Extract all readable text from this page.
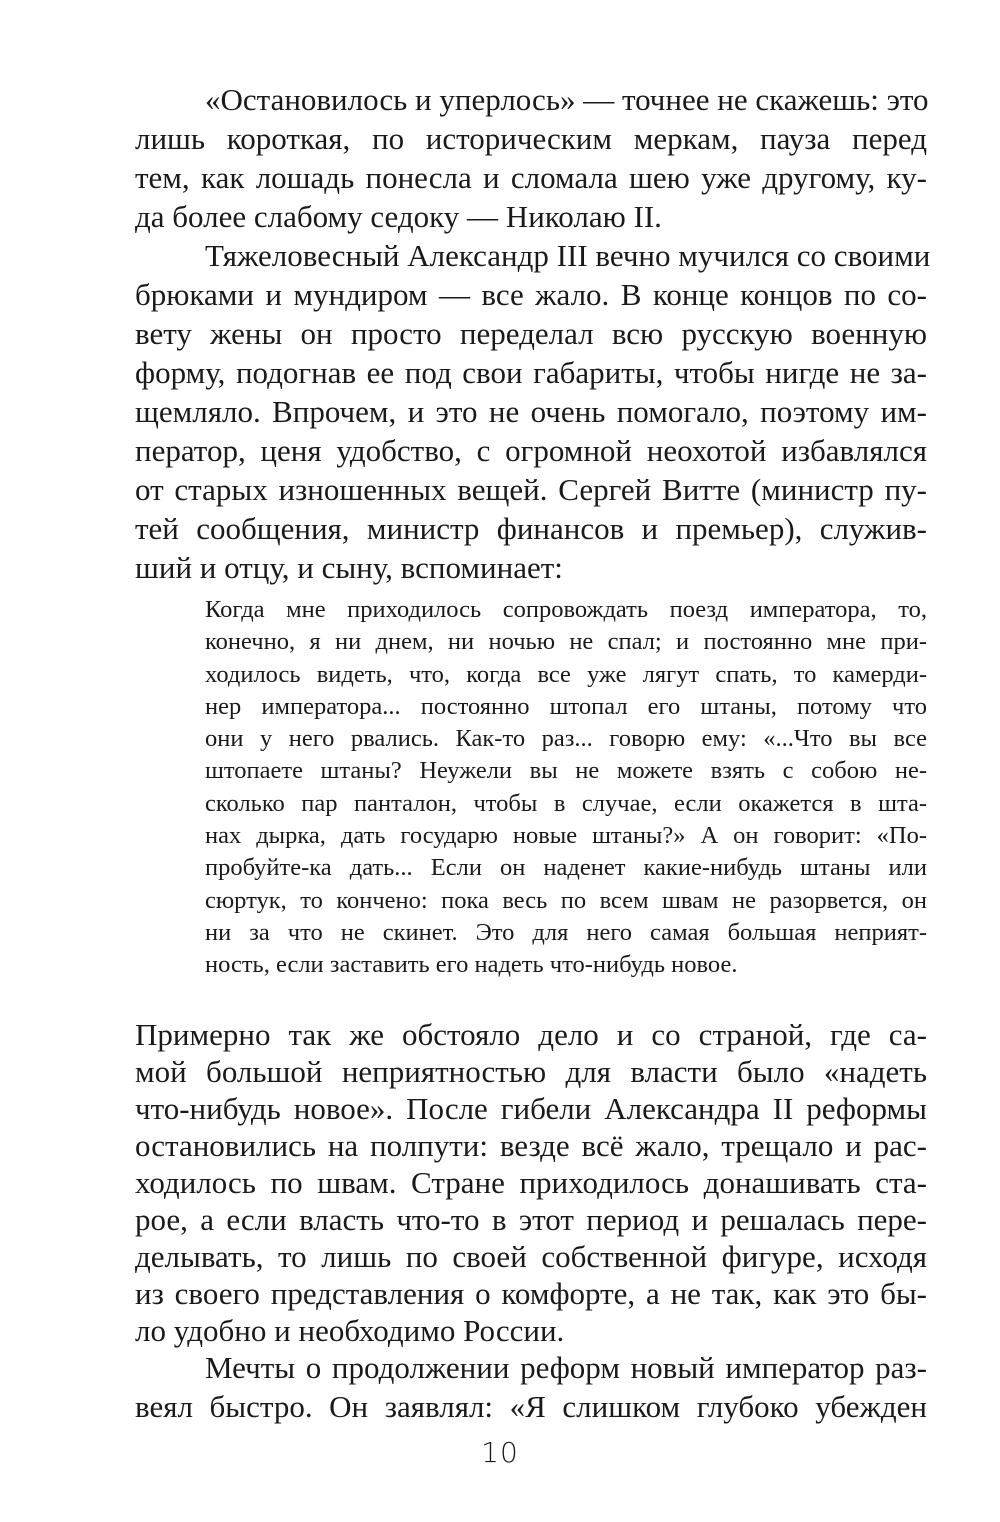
«Остановилось и уперлось» — точнее не скажешь: это
лишь короткая, по историческим меркам, пауза перед
тем, как лошадь понесла и сломала шею уже другому, ку-
да более слабому седоку — Николаю II.
Тяжеловесный Александр III вечно мучился со своими
брюками и мундиром — все жало. В конце концов по со-
вету жены он просто переделал всю русскую военную
форму, подогнав ее под свои габариты, чтобы нигде не за-
щемляло. Впрочем, и это не очень помогало, поэтому им-
ператор, ценя удобство, с огромной неохотой избавлялся
от старых изношенных вещей. Сергей Витте (министр пу-
тей сообщения, министр финансов и премьер), служив-
ший и отцу, и сыну, вспоминает:
Когда мне приходилось сопровождать поезд императора, то,
конечно, я ни днем, ни ночью не спал; и постоянно мне при-
ходилось видеть, что, когда все уже лягут спать, то камерди-
нер императора... постоянно штопал его штаны, потому что
они у него рвались. Как-то раз... говорю ему: «...Что вы все
штопаете штаны? Неужели вы не можете взять с собою не-
сколько пар панталон, чтобы в случае, если окажется в шта-
нах дырка, дать государю новые штаны?» А он говорит: «По-
пробуйте-ка дать... Если он наденет какие-нибудь штаны или
сюртук, то кончено: пока весь по всем швам не разорвется, он
ни за что не скинет. Это для него самая большая неприят-
ность, если заставить его надеть что-нибудь новое.
Примерно так же обстояло дело и со страной, где са-
мой большой неприятностью для власти было «надеть
что-нибудь новое». После гибели Александра II реформы
остановились на полпути: везде всё жало, трещало и рас-
ходилось по швам. Стране приходилось донашивать ста-
рое, а если власть что-то в этот период и решалась пере-
делывать, то лишь по своей собственной фигуре, исходя
из своего представления о комфорте, а не так, как это бы-
ло удобно и необходимо России.
Мечты о продолжении реформ новый император раз-
веял быстро. Он заявлял: «Я слишком глубоко убежден
10
